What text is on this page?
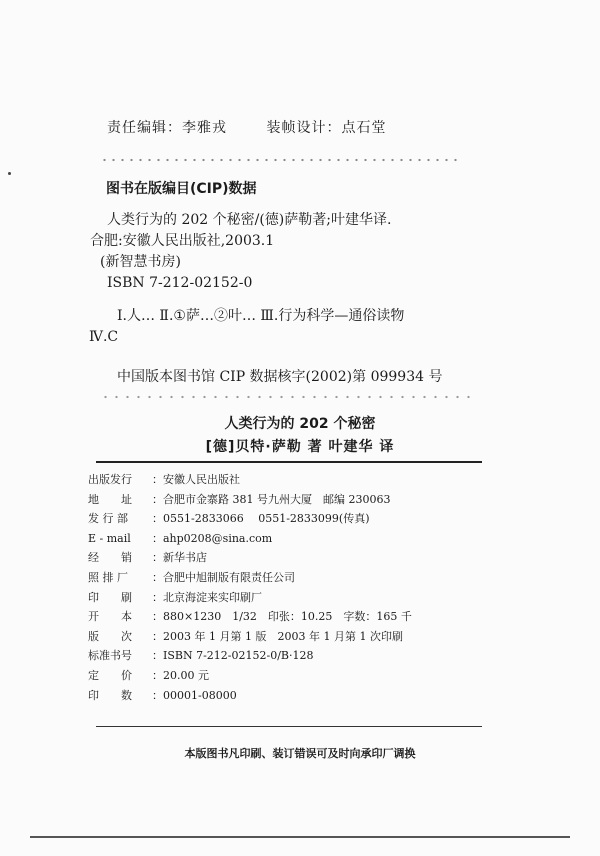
责任编辑：李雅戎	装帧设计：点石堂
图书在版编目(CIP)数据
人类行为的 202 个秘密/(德)萨勒著;叶建华译.
合肥:安徽人民出版社,2003.1
(新智慧书房)
ISBN 7-212-02152-0
Ⅰ.人… Ⅱ.①萨…②叶… Ⅲ.行为科学—通俗读物
Ⅳ.C
中国版本图书馆 CIP 数据核字(2002)第 099934 号
人类行为的 202 个秘密
[德]贝特·萨勒 著 叶建华 译
出版发行	：安徽人民出版社
地　　址	：合肥市金寨路 381 号九州大厦　邮编 230063
发 行 部	：0551-2833066　 0551-2833099(传真)
E - mail	：ahp0208@sina.com
经　　销	：新华书店
照 排 厂	：合肥中旭制版有限责任公司
印　　刷	：北京海淀来实印刷厂
开　　本	：880×1230　1/32　印张：10.25　字数：165 千
版　　次	：2003 年 1 月第 1 版　2003 年 1 月第 1 次印刷
标准书号	：ISBN 7-212-02152-0/B·128
定　　价	：20.00 元
印　　数	：00001-08000
本版图书凡印刷、装订错误可及时向承印厂调换
